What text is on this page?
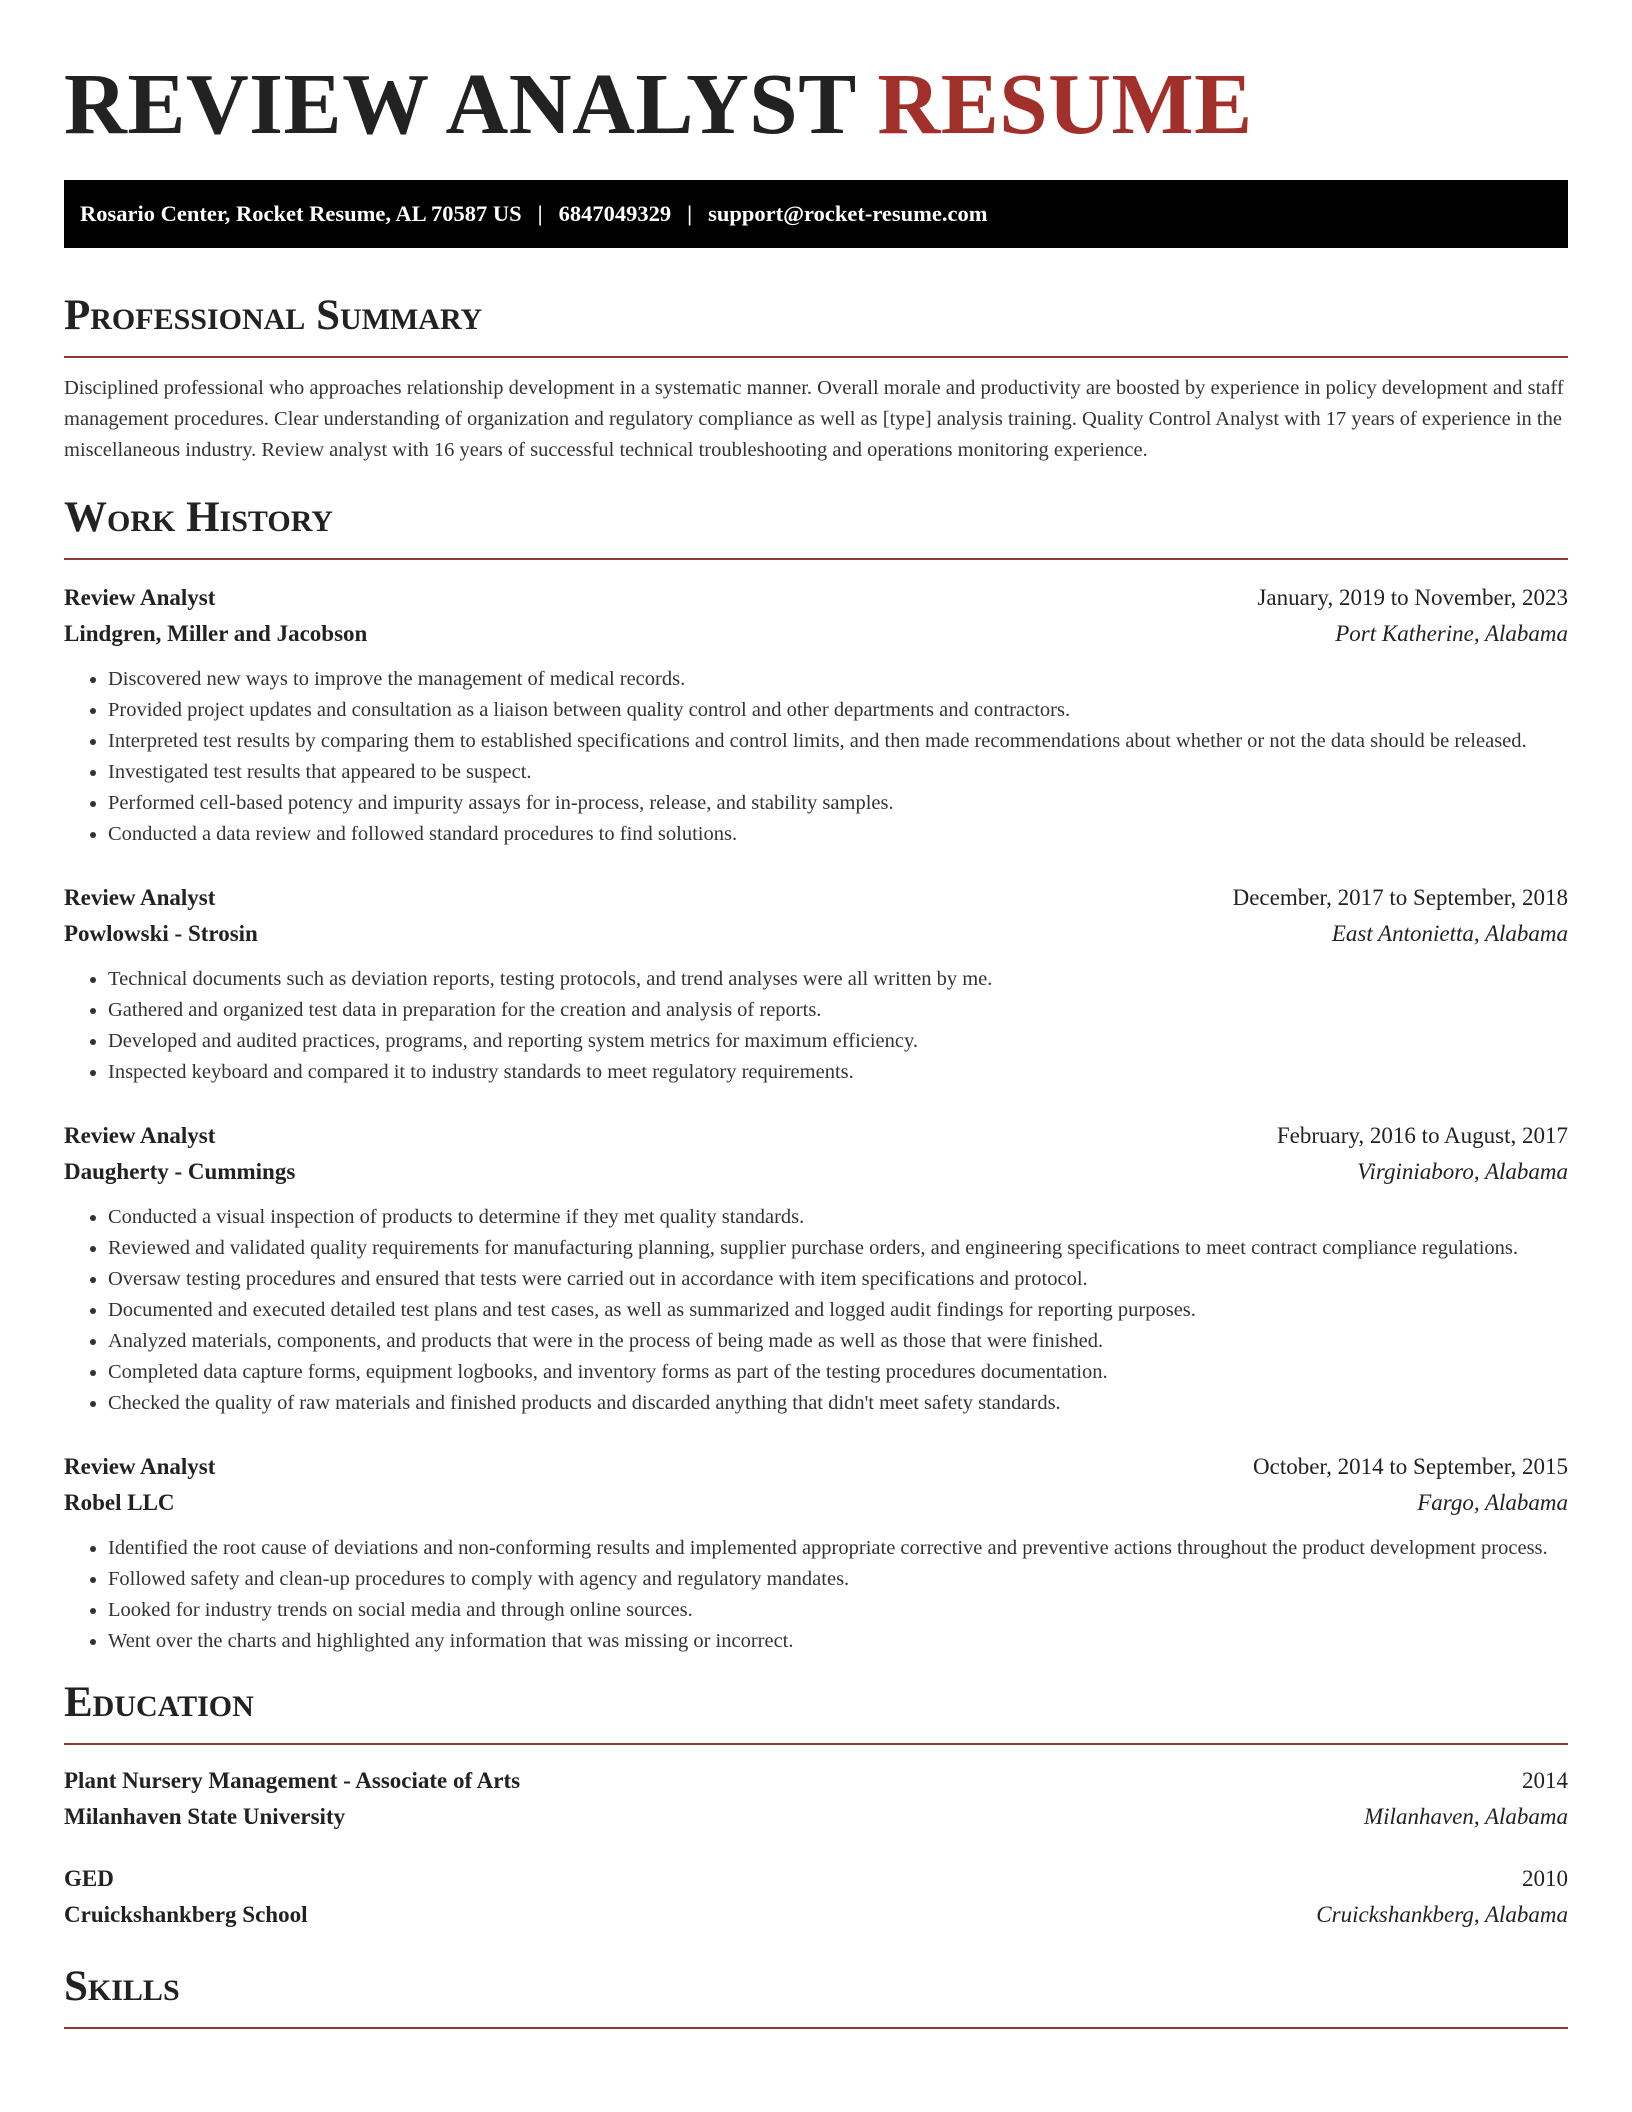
REVIEW ANALYST RESUME
Rosario Center, Rocket Resume, AL 70587 US | 6847049329 | support@rocket-resume.com
Professional Summary

Disciplined professional who approaches relationship development in a systematic manner. Overall morale and productivity are boosted by experience in policy development and staff management procedures. Clear understanding of organization and regulatory compliance as well as [type] analysis training. Quality Control Analyst with 17 years of experience in the miscellaneous industry. Review analyst with 16 years of successful technical troubleshooting and operations monitoring experience.

Work History
Review Analyst	January, 2019 to November, 2023
Lindgren, Miller and Jacobson	Port Katherine, Alabama
• Discovered new ways to improve the management of medical records.
• Provided project updates and consultation as a liaison between quality control and other departments and contractors.
• Interpreted test results by comparing them to established specifications and control limits, and then made recommendations about whether or not the data should be released.
• Investigated test results that appeared to be suspect.
• Performed cell-based potency and impurity assays for in-process, release, and stability samples.
• Conducted a data review and followed standard procedures to find solutions.
Review Analyst	December, 2017 to September, 2018
Powlowski - Strosin	East Antonietta, Alabama
• Technical documents such as deviation reports, testing protocols, and trend analyses were all written by me.
• Gathered and organized test data in preparation for the creation and analysis of reports.
• Developed and audited practices, programs, and reporting system metrics for maximum efficiency.
• Inspected keyboard and compared it to industry standards to meet regulatory requirements.
Review Analyst	February, 2016 to August, 2017
Daugherty - Cummings	Virginiaboro, Alabama
• Conducted a visual inspection of products to determine if they met quality standards.
• Reviewed and validated quality requirements for manufacturing planning, supplier purchase orders, and engineering specifications to meet contract compliance regulations.
• Oversaw testing procedures and ensured that tests were carried out in accordance with item specifications and protocol.
• Documented and executed detailed test plans and test cases, as well as summarized and logged audit findings for reporting purposes.
• Analyzed materials, components, and products that were in the process of being made as well as those that were finished.
• Completed data capture forms, equipment logbooks, and inventory forms as part of the testing procedures documentation.
• Checked the quality of raw materials and finished products and discarded anything that didn't meet safety standards.
Review Analyst	October, 2014 to September, 2015
Robel LLC	Fargo, Alabama
• Identified the root cause of deviations and non-conforming results and implemented appropriate corrective and preventive actions throughout the product development process.
• Followed safety and clean-up procedures to comply with agency and regulatory mandates.
• Looked for industry trends on social media and through online sources.
• Went over the charts and highlighted any information that was missing or incorrect.
Education
Plant Nursery Management - Associate of Arts	2014
Milanhaven State University	Milanhaven, Alabama
GED	2010
Cruickshankberg School	Cruickshankberg, Alabama
Skills
